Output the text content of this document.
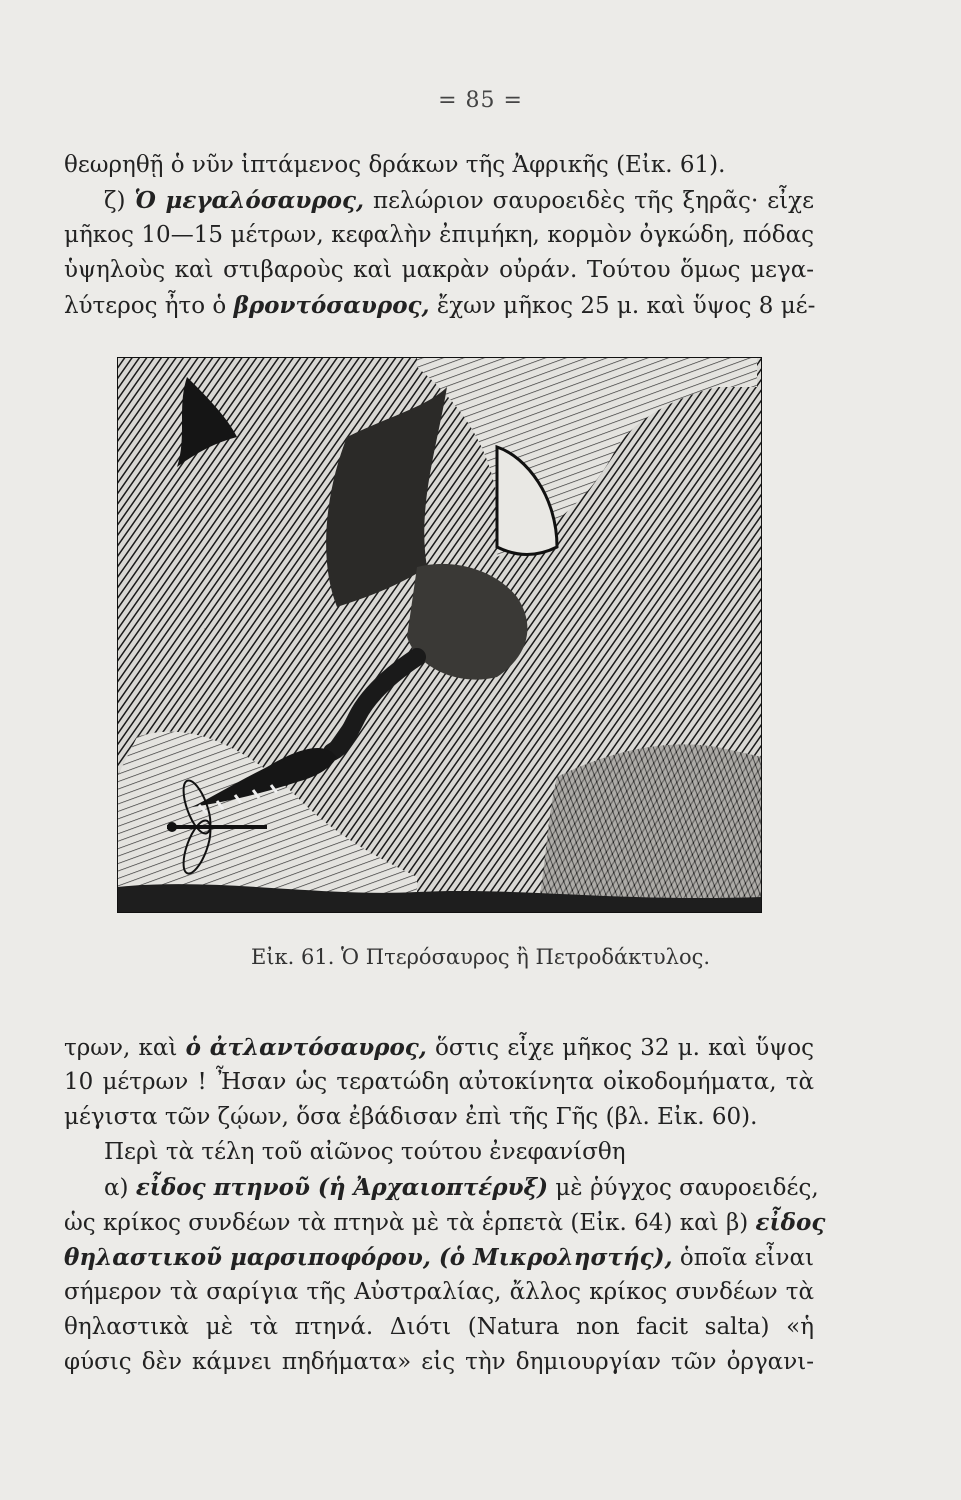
= 85 =
θεωρηθῇ ὁ νῦν ἱπτάμενος δράκων τῆς Ἀφρικῆς (Εἰκ. 61).
ζ) Ὁ μεγαλόσαυρος, πελώριον σαυροειδὲς τῆς ξηρᾶς· εἶχε
μῆκος 10—15 μέτρων, κεφαλὴν ἐπιμήκη, κορμὸν ὀγκώδη, πόδας
ὑψηλοὺς καὶ στιβαροὺς καὶ μακρὰν οὐράν. Τούτου ὅμως μεγα-
λύτερος ἦτο ὁ βροντόσαυρος, ἔχων μῆκος 25 μ. καὶ ὕψος 8 μέ-
Εἰκ. 61. Ὁ Πτερόσαυρος ἢ Πετροδάκτυλος.
τρων, καὶ ὁ ἀτλαντόσαυρος, ὅστις εἶχε μῆκος 32 μ. καὶ ὕψος
10 μέτρων ! Ἦσαν ὡς τερατώδη αὐτοκίνητα οἰκοδομήματα, τὰ
μέγιστα τῶν ζῴων, ὅσα ἐβάδισαν ἐπὶ τῆς Γῆς (βλ. Εἰκ. 60).
Περὶ τὰ τέλη τοῦ αἰῶνος τούτου ἐνεφανίσθη
α) εἶδος πτηνοῦ (ἡ Ἀρχαιοπτέρυξ) μὲ ῥύγχος σαυροειδές,
ὡς κρίκος συνδέων τὰ πτηνὰ μὲ τὰ ἑρπετὰ (Εἰκ. 64) καὶ β) εἶδος
θηλαστικοῦ μαρσιποφόρου, (ὁ Μικροληστής), ὁποῖα εἶναι
σήμερον τὰ σαρίγια τῆς Αὐστραλίας, ἄλλος κρίκος συνδέων τὰ
θηλαστικὰ μὲ τὰ πτηνά. Διότι (Natura non facit salta) «ἡ
φύσις δὲν κάμνει πηδήματα» εἰς τὴν δημιουργίαν τῶν ὀργανι-
